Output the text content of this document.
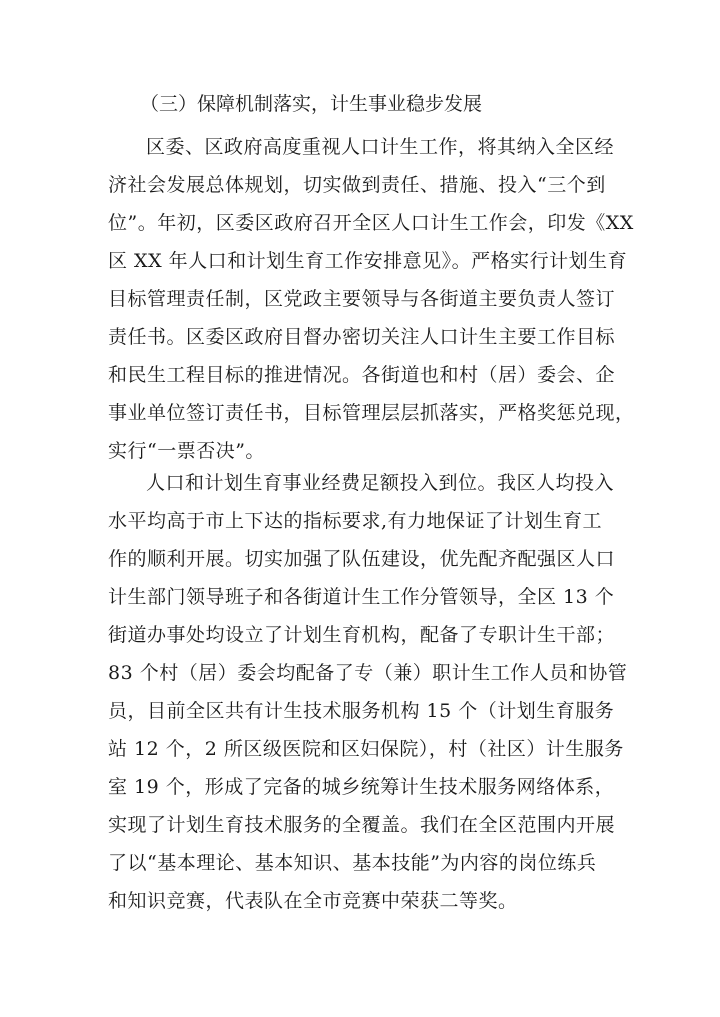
（三）保障机制落实，计生事业稳步发展
区委、区政府高度重视人口计生工作，将其纳入全区经
济社会发展总体规划，切实做到责任、措施、投入“三个到
位”。年初，区委区政府召开全区人口计生工作会，印发《XX
区 XX 年人口和计划生育工作安排意见》。严格实行计划生育
目标管理责任制，区党政主要领导与各街道主要负责人签订
责任书。区委区政府目督办密切关注人口计生主要工作目标
和民生工程目标的推进情况。各街道也和村（居）委会、企
事业单位签订责任书，目标管理层层抓落实，严格奖惩兑现，
实行“一票否决”。
人口和计划生育事业经费足额投入到位。我区人均投入
水平均高于市上下达的指标要求,有力地保证了计划生育工
作的顺利开展。切实加强了队伍建设，优先配齐配强区人口
计生部门领导班子和各街道计生工作分管领导，全区 13 个
街道办事处均设立了计划生育机构，配备了专职计生干部；
83 个村（居）委会均配备了专（兼）职计生工作人员和协管
员，目前全区共有计生技术服务机构 15 个（计划生育服务
站 12 个，2 所区级医院和区妇保院），村（社区）计生服务
室 19 个，形成了完备的城乡统筹计生技术服务网络体系，
实现了计划生育技术服务的全覆盖。我们在全区范围内开展
了以“基本理论、基本知识、基本技能”为内容的岗位练兵
和知识竞赛，代表队在全市竞赛中荣获二等奖。
